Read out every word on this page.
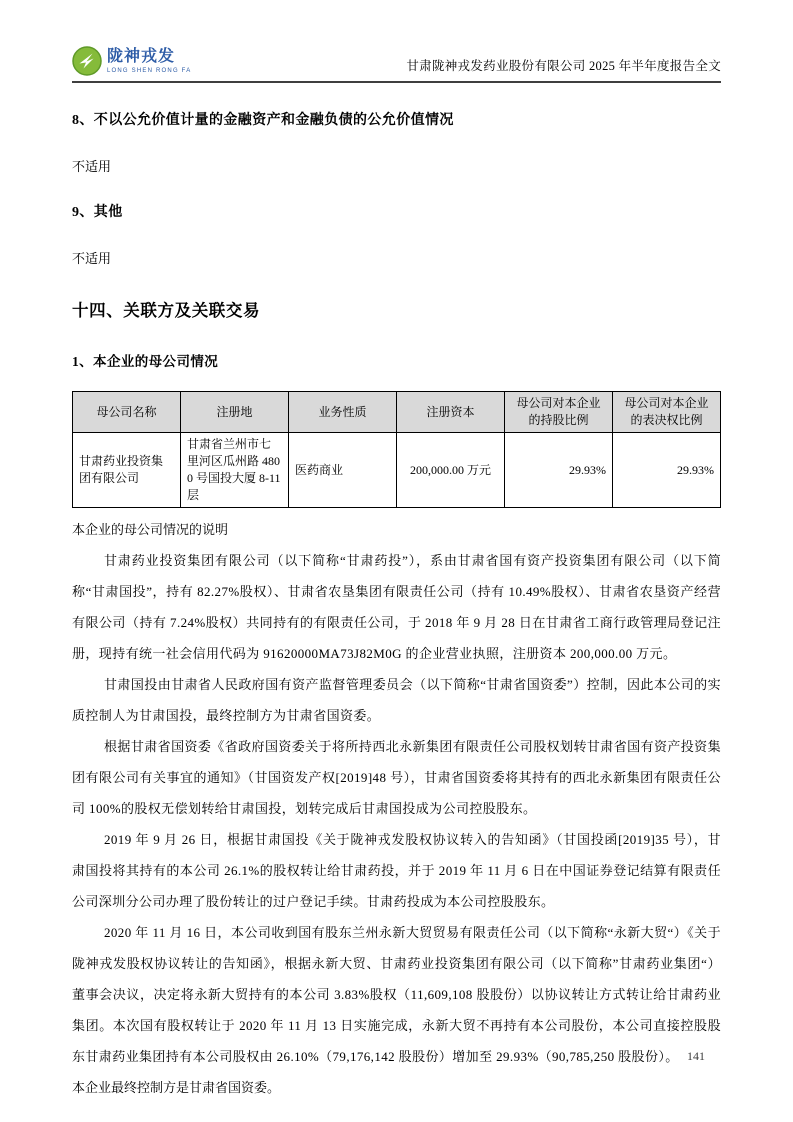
陇神戎发
LONG SHEN RONG FA	甘肃陇神戎发药业股份有限公司 2025 年半年度报告全文

8、不以公允价值计量的金融资产和金融负债的公允价值情况

不适用

9、其他

不适用

十四、关联方及关联交易

1、本企业的母公司情况

母公司名称	注册地	业务性质	注册资本	母公司对本企业的持股比例	母公司对本企业的表决权比例
甘肃药业投资集团有限公司	甘肃省兰州市七里河区瓜州路 4800 号国投大厦 8-11 层	医药商业	200,000.00 万元	29.93%	29.93%

本企业的母公司情况的说明

甘肃药业投资集团有限公司（以下简称“甘肃药投”），系由甘肃省国有资产投资集团有限公司（以下简称“甘肃国投”，持有 82.27%股权）、甘肃省农垦集团有限责任公司（持有 10.49%股权）、甘肃省农垦资产经营有限公司（持有 7.24%股权）共同持有的有限责任公司，于 2018 年 9 月 28 日在甘肃省工商行政管理局登记注册，现持有统一社会信用代码为 91620000MA73J82M0G 的企业营业执照，注册资本 200,000.00 万元。

甘肃国投由甘肃省人民政府国有资产监督管理委员会（以下简称“甘肃省国资委”）控制，因此本公司的实质控制人为甘肃国投，最终控制方为甘肃省国资委。

根据甘肃省国资委《省政府国资委关于将所持西北永新集团有限责任公司股权划转甘肃省国有资产投资集团有限公司有关事宜的通知》（甘国资发产权[2019]48 号），甘肃省国资委将其持有的西北永新集团有限责任公司 100%的股权无偿划转给甘肃国投，划转完成后甘肃国投成为公司控股股东。

2019 年 9 月 26 日，根据甘肃国投《关于陇神戎发股权协议转入的告知函》（甘国投函[2019]35 号），甘肃国投将其持有的本公司 26.1%的股权转让给甘肃药投，并于 2019 年 11 月 6 日在中国证券登记结算有限责任公司深圳分公司办理了股份转让的过户登记手续。甘肃药投成为本公司控股股东。

2020 年 11 月 16 日，本公司收到国有股东兰州永新大贸贸易有限责任公司（以下简称“永新大贸“）《关于陇神戎发股权协议转让的告知函》，根据永新大贸、甘肃药业投资集团有限公司（以下简称”甘肃药业集团“）董事会决议，决定将永新大贸持有的本公司 3.83%股权（11,609,108 股股份）以协议转让方式转让给甘肃药业集团。本次国有股权转让于 2020 年 11 月 13 日实施完成，永新大贸不再持有本公司股份，本公司直接控股股东甘肃药业集团持有本公司股权由 26.10%（79,176,142 股股份）增加至 29.93%（90,785,250 股股份）。

本企业最终控制方是甘肃省国资委。

141
